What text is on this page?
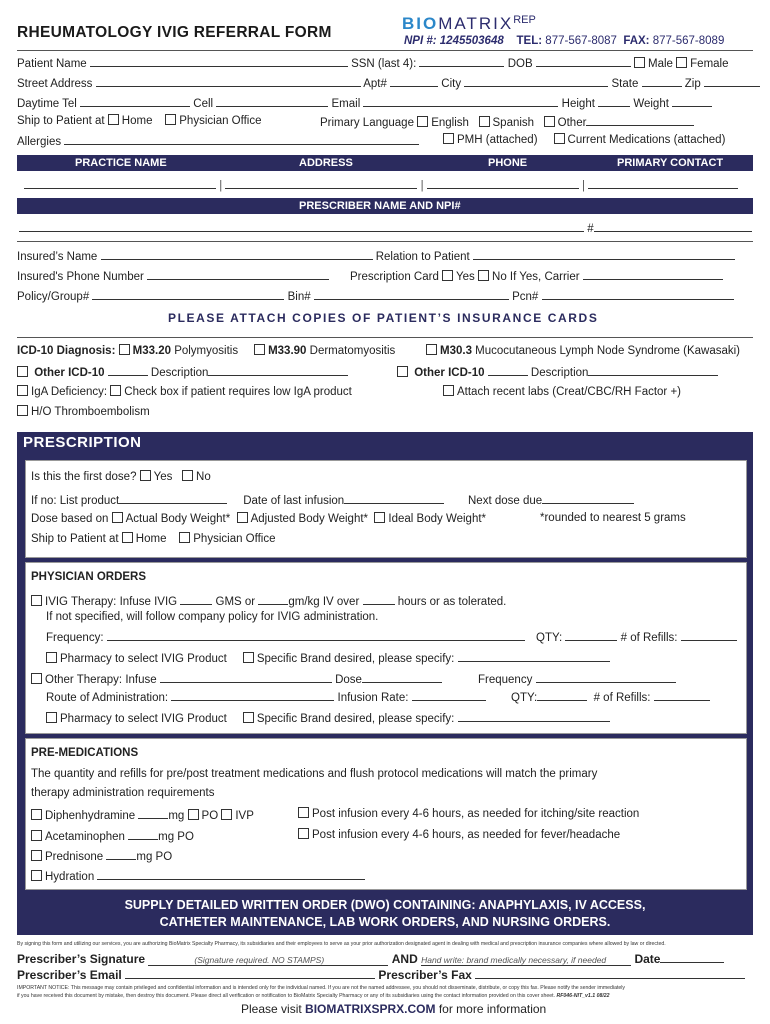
RHEUMATOLOGY IVIG REFERRAL FORM	$BIOMATRIX^{REP}$
NPI #: 1245503648 TEL: 877-567-8087 FAX: 877-567-8089
Patient Name	SSN (last 4):	DOB	Male Female
Street Address	Apt#	City	State	Zip
Daytime Tel	Cell	Email	Height	Weight
Ship to Patient at Home Physician Office	Primary Language English Spanish Other
Allergies	PMH (attached)	Current Medications (attached)
PRACTICE NAME	ADDRESS	PHONE	PRIMARY CONTACT
|	|	|
PRESCRIBER NAME AND NPI#
#
Insured’s Name	Relation to Patient
Insured's Phone Number	Prescription Card Yes No If Yes, Carrier
Policy/Group#	Bin#	Pcn#
PLEASE ATTACH COPIES OF PATIENT’S INSURANCE CARDS
ICD-10 Diagnosis: M33.20 Polymyositis	M33.90 Dermatomyositis	M30.3 Mucocutaneous Lymph Node Syndrome (Kawasaki)
Other ICD-10	Description	Other ICD-10	Description
IgA Deficiency: Check box if patient requires low IgA product	Attach recent labs (Creat/CBC/RH Factor +)
H/O Thromboembolism
PRESCRIPTION
Is this the first dose? Yes No
If no: List product	Date of last infusion	Next dose due
Dose based on Actual Body Weight* Adjusted Body Weight* Ideal Body Weight*	*rounded to nearest 5 grams
Ship to Patient at Home Physician Office
PHYSICIAN ORDERS
IVIG Therapy: Infuse IVIG	GMS or	gm/kg IV over	hours or as tolerated.
If not specified, will follow company policy for IVIG administration.
Frequency:	QTY:	# of Refills:
Pharmacy to select IVIG Product	Specific Brand desired, please specify:
Other Therapy: Infuse	Dose	Frequency
Route of Administration:	Infusion Rate:	QTY:	# of Refills:
Pharmacy to select IVIG Product	Specific Brand desired, please specify:
PRE-MEDICATIONS
The quantity and refills for pre/post treatment medications and flush protocol medications will match the primary
therapy administration requirements
Diphenhydramine	mg PO IVP	Post infusion every 4-6 hours, as needed for itching/site reaction
Acetaminophen	mg PO	Post infusion every 4-6 hours, as needed for fever/headache
Prednisone	mg PO
Hydration
SUPPLY DETAILED WRITTEN ORDER (DWO) CONTAINING: ANAPHYLAXIS, IV ACCESS,
CATHETER MAINTENANCE, LAB WORK ORDERS, AND NURSING ORDERS.
By signing this form and utilizing our services, you are authorizing BioMatrix Specialty Pharmacy, its subsidiaries and their employees to serve as your prior authorization designated agent in dealing with medical and prescription insurance companies where allowed by law or directed.
Prescriber’s Signature	(Signature required. NO STAMPS)	AND Hand write: brand medically necessary, if needed Date
Prescriber’s Email	Prescriber’s Fax
IMPORTANT NOTICE: This message may contain privileged and confidential information and is intended only for the individual named. If you are not the named addressee, you should not disseminate, distribute, or copy this fax. Please notify the sender immediately
if you have received this document by mistake, then destroy this document. Please direct all verification or notification to BioMatrix Specialty Pharmacy or any of its subsidiaries using the contact information provided on this cover sheet. RF046-NIT_v1.1 08/22
Please visit BIOMATRIXSPRX.COM for more information
